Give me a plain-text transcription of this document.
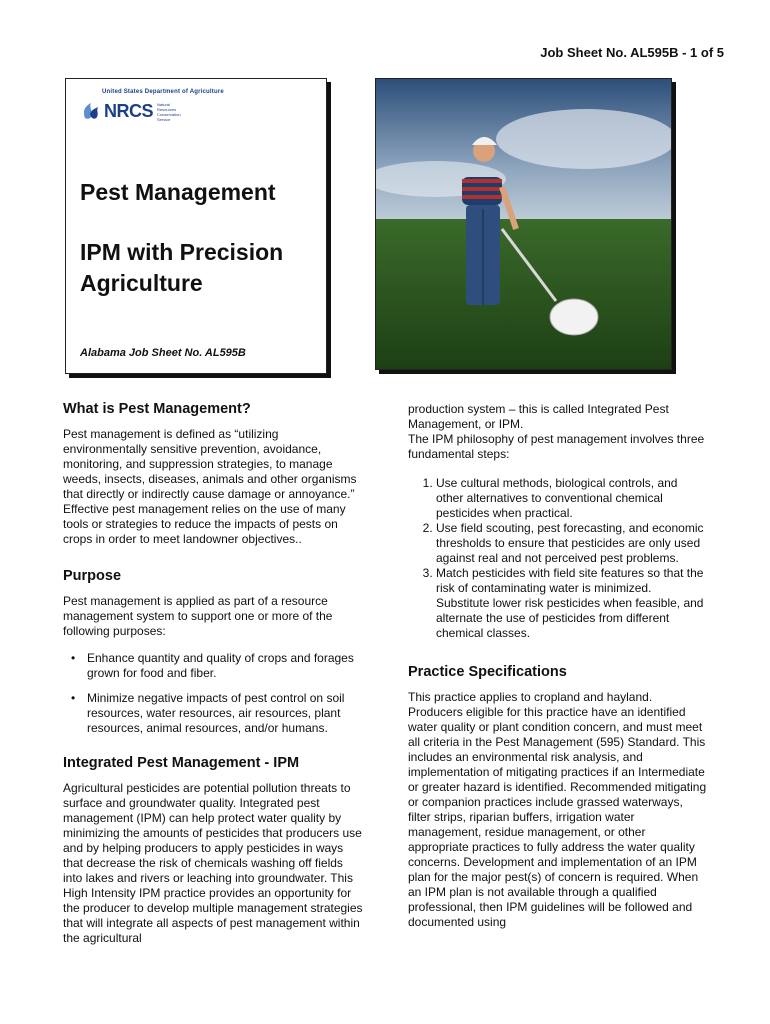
Job Sheet No. AL595B - 1 of 5
United States Department of Agriculture
NRCS Natural Resources Conservation Service
Pest Management
IPM with Precision Agriculture
Alabama Job Sheet No. AL595B
What is Pest Management?

Pest management is defined as “utilizing environmentally sensitive prevention, avoidance, monitoring, and suppression strategies, to manage weeds, insects, diseases, animals and other organisms that directly or indirectly cause damage or annoyance.” Effective pest management relies on the use of many tools or strategies to reduce the impacts of pests on crops in order to meet landowner objectives..

Purpose

Pest management is applied as part of a resource management system to support one or more of the following purposes:

• Enhance quantity and quality of crops and forages grown for food and fiber.
• Minimize negative impacts of pest control on soil resources, water resources, air resources, plant resources, animal resources, and/or humans.
Integrated Pest Management - IPM

Agricultural pesticides are potential pollution threats to surface and groundwater quality. Integrated pest management (IPM) can help protect water quality by minimizing the amounts of pesticides that producers use and by helping producers to apply pesticides in ways that decrease the risk of chemicals washing off fields into lakes and rivers or leaching into groundwater. This High Intensity IPM practice provides an opportunity for the producer to develop multiple management strategies that will integrate all aspects of pest management within the agricultural

production system – this is called Integrated Pest Management, or IPM.

The IPM philosophy of pest management involves three fundamental steps:

1. Use cultural methods, biological controls, and other alternatives to conventional chemical pesticides when practical.
2. Use field scouting, pest forecasting, and economic thresholds to ensure that pesticides are only used against real and not perceived pest problems.
3. Match pesticides with field site features so that the risk of contaminating water is minimized. Substitute lower risk pesticides when feasible, and alternate the use of pesticides from different chemical classes.
Practice Specifications

This practice applies to cropland and hayland. Producers eligible for this practice have an identified water quality or plant condition concern, and must meet all criteria in the Pest Management (595) Standard. This includes an environmental risk analysis, and implementation of mitigating practices if an Intermediate or greater hazard is identified. Recommended mitigating or companion practices include grassed waterways, filter strips, riparian buffers, irrigation water management, residue management, or other appropriate practices to fully address the water quality concerns. Development and implementation of an IPM plan for the major pest(s) of concern is required. When an IPM plan is not available through a qualified professional, then IPM guidelines will be followed and documented using
